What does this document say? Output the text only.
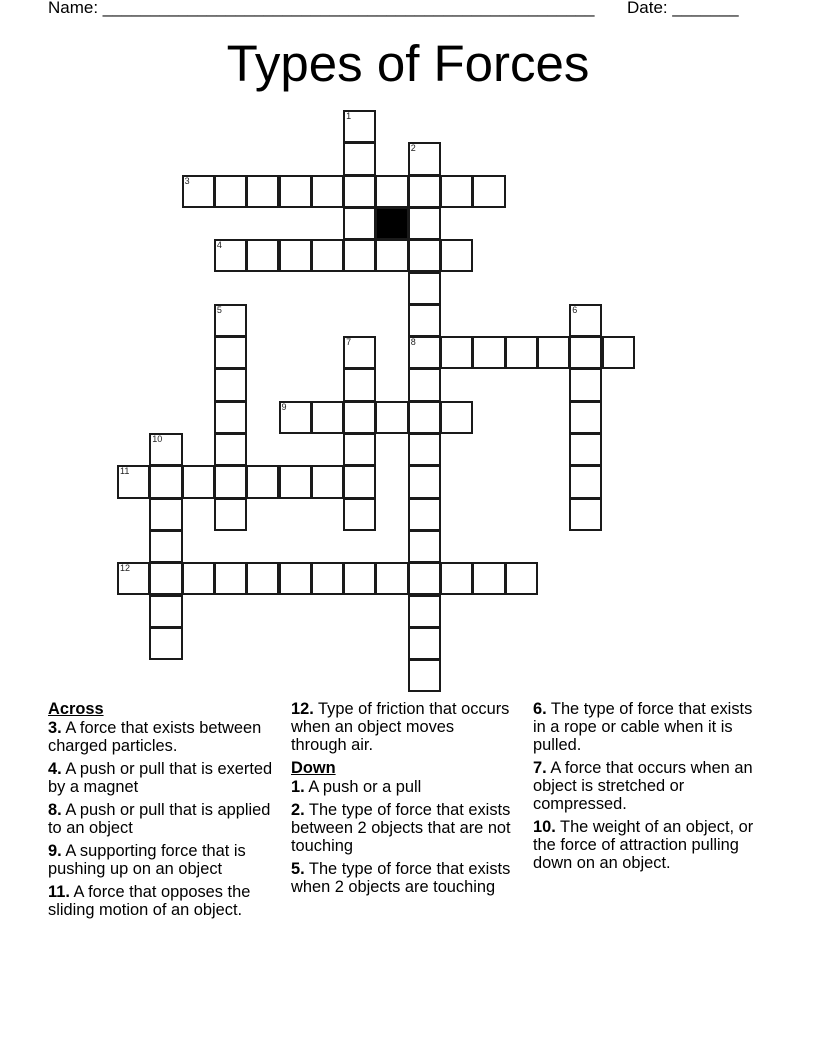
Name: ____________________________________________________ Date: _______
Types of Forces
1
2
8
3
4
5	6
7
9
10
11
12
Across
3. A force that exists between charged particles.
4. A push or pull that is exerted by a magnet
8. A push or pull that is applied to an object
9. A supporting force that is pushing up on an object
11. A force that opposes the sliding motion of an object.
12. Type of friction that occurs when an object moves through air.
Down
1. A push or a pull
2. The type of force that exists between 2 objects that are not touching
5. The type of force that exists when 2 objects are touching
6. The type of force that exists in a rope or cable when it is pulled.
7. A force that occurs when an object is stretched or compressed.
10. The weight of an object, or the force of attraction pulling down on an object.
